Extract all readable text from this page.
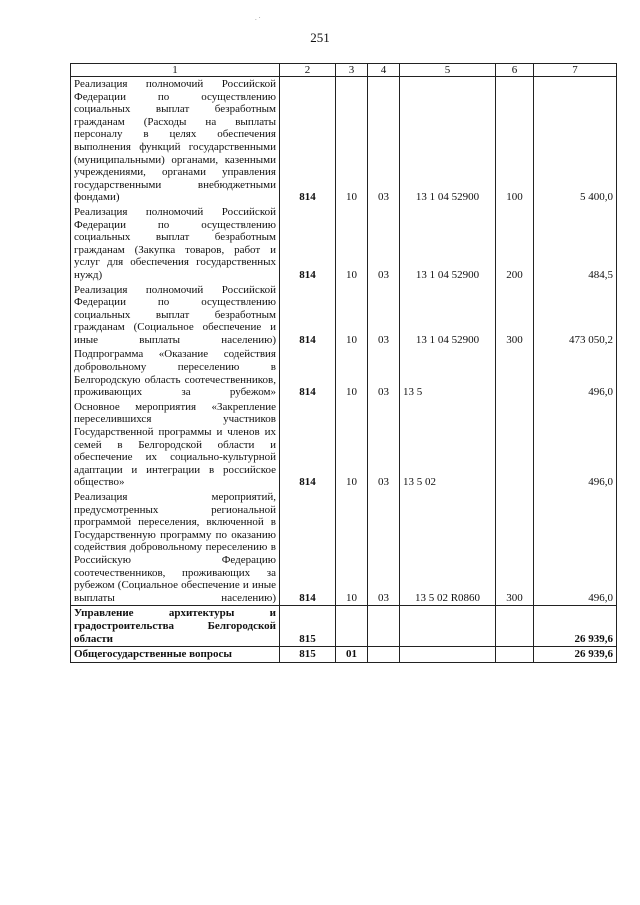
. ·
251
1	2	3	4	5	6	7
Реализация полномочий Российской Федерации по осуществлению социальных выплат безработным гражданам (Расходы на выплаты персоналу в целях обеспечения выполнения функций государственными (муниципальными) органами, казенными учреждениями, органами управления государственными внебюджетными фондами)	814	10	03	13 1 04 52900	100	5 400,0
Реализация полномочий Российской Федерации по осуществлению социальных выплат безработным гражданам (Закупка товаров, работ и услуг для обеспечения государственных нужд)	814	10	03	13 1 04 52900	200	484,5
Реализация полномочий Российской Федерации по осуществлению социальных выплат безработным гражданам (Социальное обеспечение и иные выплаты населению)	814	10	03	13 1 04 52900	300	473 050,2
Подпрограмма «Оказание содействия добровольному переселению в Белгородскую область соотечественников, проживающих за рубежом»	814	10	03	13 5		496,0
Основное мероприятия «Закрепление переселившихся участников Государственной программы и членов их семей в Белгородской области и обеспечение их социально-культурной адаптации и интеграции в российское общество»	814	10	03	13 5 02		496,0
Реализация мероприятий, предусмотренных региональной программой переселения, включенной в Государственную программу по оказанию содействия добровольному переселению в Российскую Федерацию соотечественников, проживающих за рубежом (Социальное обеспечение и иные выплаты населению)	814	10	03	13 5 02 R0860	300	496,0
Управление архитектуры и градостроительства Белгородской области	815					26 939,6
Общегосударственные вопросы	815	01				26 939,6
